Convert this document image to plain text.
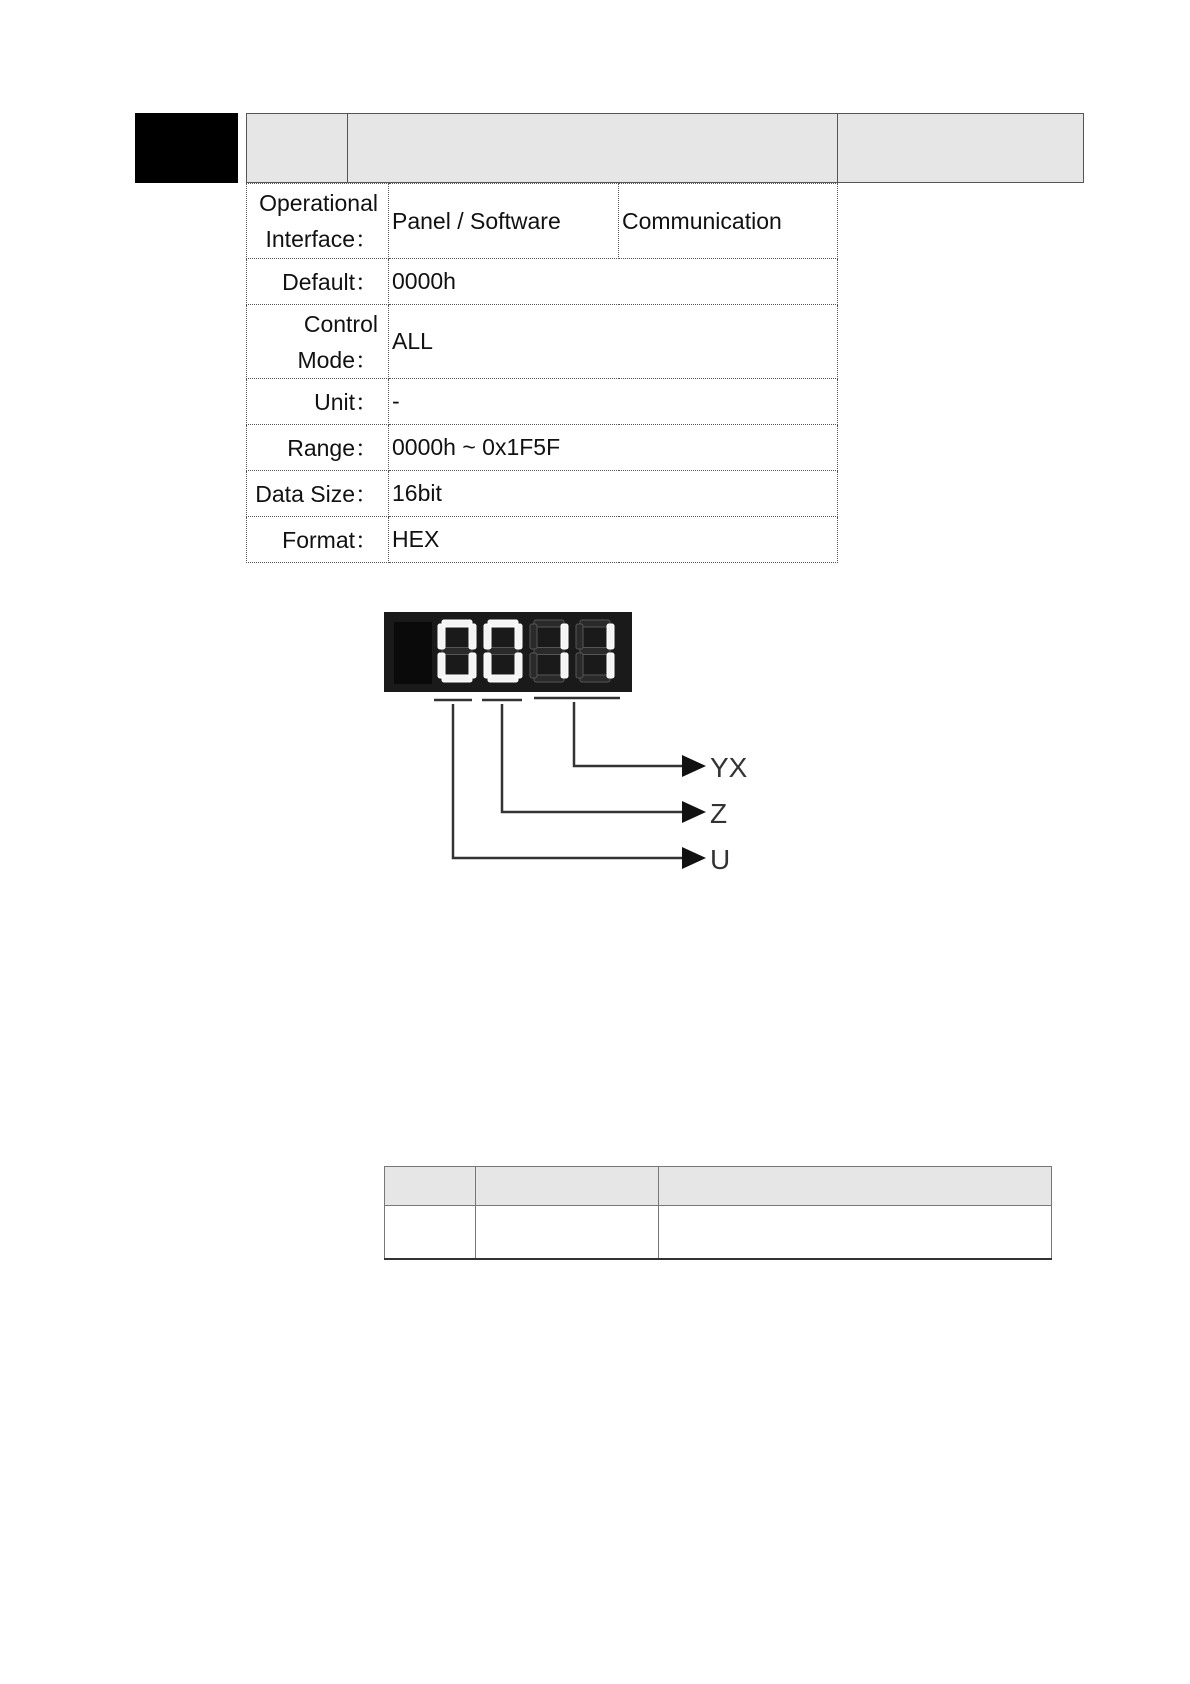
Operational Interface：	Panel / Software	Communication
Default：	0000h	
Control Mode：	ALL	
Unit：	-	
Range：	0000h ~ 0x1F5F	
Data Size：	16bit	
Format：	HEX	
YX
Z
U
